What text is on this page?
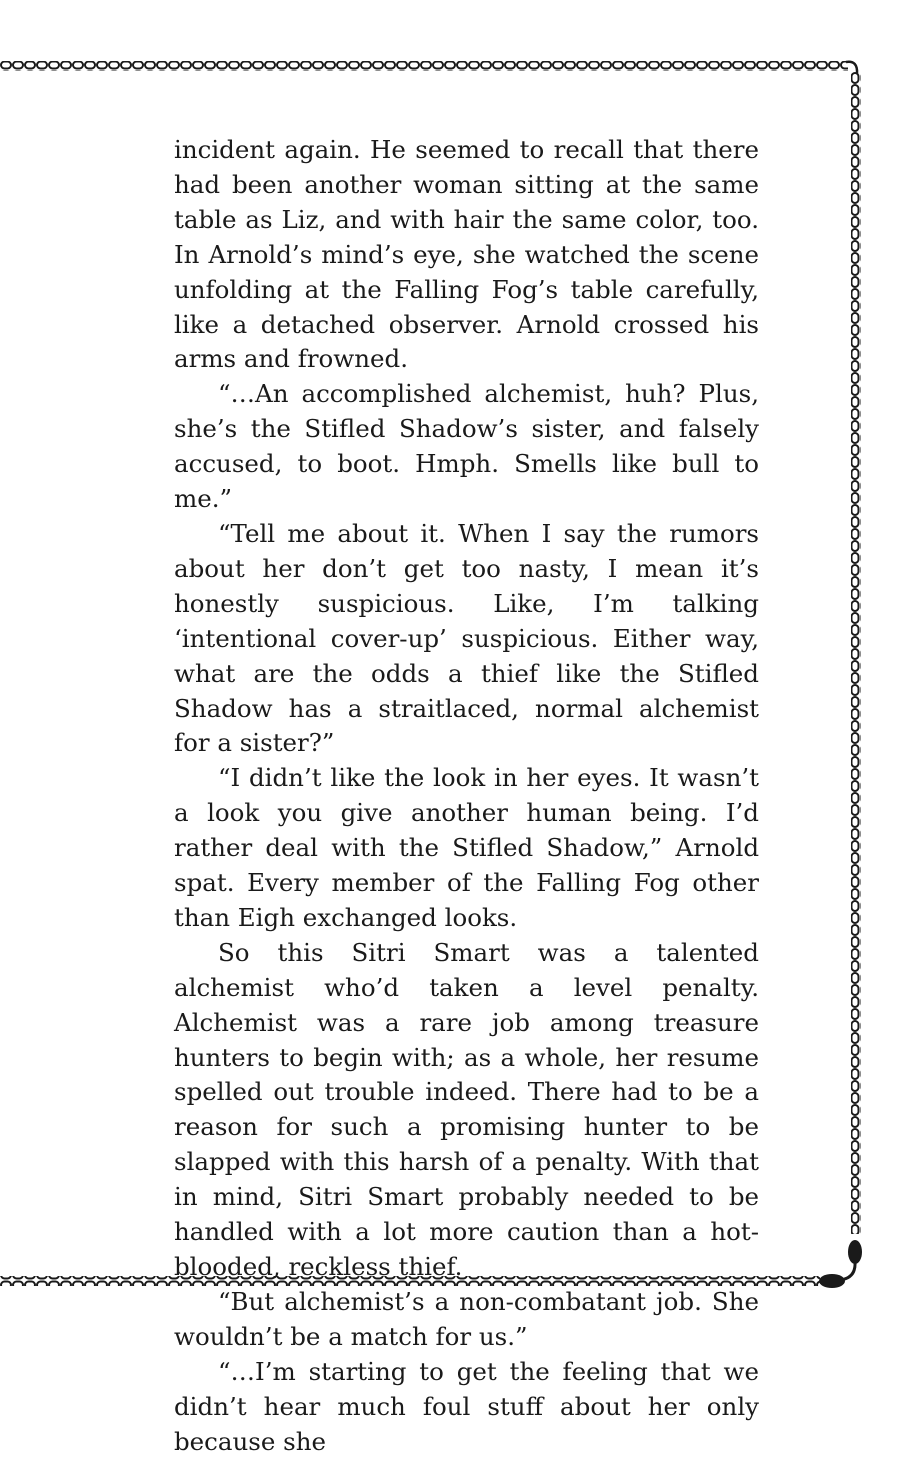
incident again. He seemed to recall that there had been another woman sitting at the same table as Liz, and with hair the same color, too. In Arnold’s mind’s eye, she watched the scene unfolding at the Falling Fog’s table carefully, like a detached observer. Arnold crossed his arms and frowned.

“…An accomplished alchemist, huh? Plus, she’s the Stifled Shadow’s sister, and falsely accused, to boot. Hmph. Smells like bull to me.”

“Tell me about it. When I say the rumors about her don’t get too nasty, I mean it’s honestly suspicious. Like, I’m talking ‘intentional cover-up’ suspicious. Either way, what are the odds a thief like the Stifled Shadow has a straitlaced, normal alchemist for a sister?”

“I didn’t like the look in her eyes. It wasn’t a look you give another human being. I’d rather deal with the Stifled Shadow,” Arnold spat. Every member of the Falling Fog other than Eigh exchanged looks.

So this Sitri Smart was a talented alchemist who’d taken a level penalty. Alchemist was a rare job among treasure hunters to begin with; as a whole, her resume spelled out trouble indeed. There had to be a reason for such a promising hunter to be slapped with this harsh of a penalty. With that in mind, Sitri Smart probably needed to be handled with a lot more caution than a hot-blooded, reckless thief.

“But alchemist’s a non-combatant job. She wouldn’t be a match for us.”

“…I’m starting to get the feeling that we didn’t hear much foul stuff about her only because she
